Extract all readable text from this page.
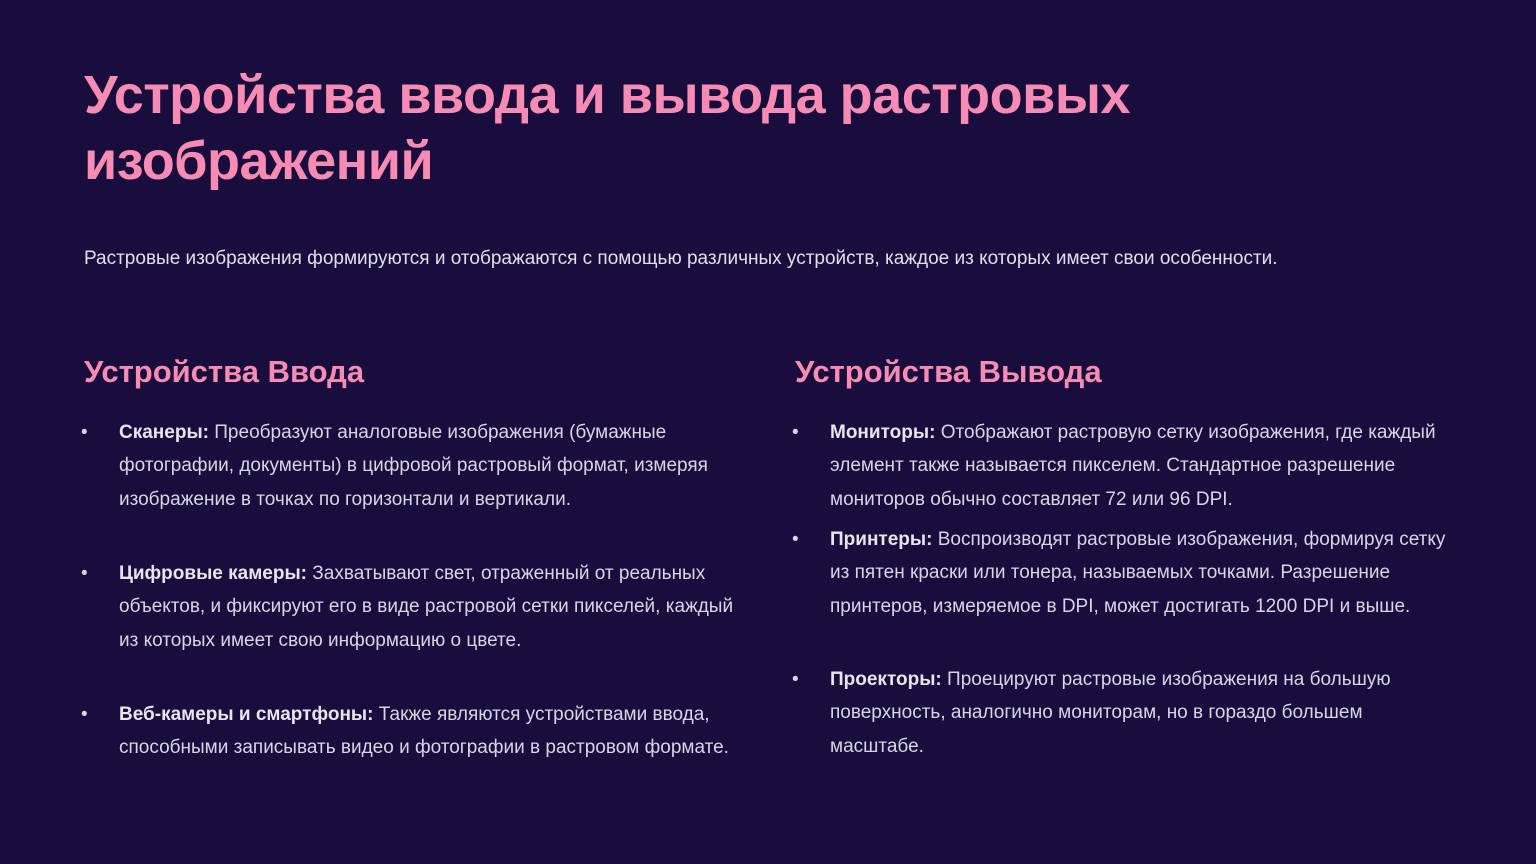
Устройства ввода и вывода растровых изображений

Растровые изображения формируются и отображаются с помощью различных устройств, каждое из которых имеет свои особенности.

Устройства Ввода
•	Сканеры: Преобразуют аналоговые изображения (бумажные фотографии, документы) в цифровой растровый формат, измеряя изображение в точках по горизонтали и вертикали.
•	Цифровые камеры: Захватывают свет, отраженный от реальных объектов, и фиксируют его в виде растровой сетки пикселей, каждый из которых имеет свою информацию о цвете.
•	Веб-камеры и смартфоны: Также являются устройствами ввода, способными записывать видео и фотографии в растровом формате.
Устройства Вывода
•	Мониторы: Отображают растровую сетку изображения, где каждый элемент также называется пикселем. Стандартное разрешение мониторов обычно составляет 72 или 96 DPI.
•	Принтеры: Воспроизводят растровые изображения, формируя сетку из пятен краски или тонера, называемых точками. Разрешение принтеров, измеряемое в DPI, может достигать 1200 DPI и выше.
•	Проекторы: Проецируют растровые изображения на большую поверхность, аналогично мониторам, но в гораздо большем масштабе.
